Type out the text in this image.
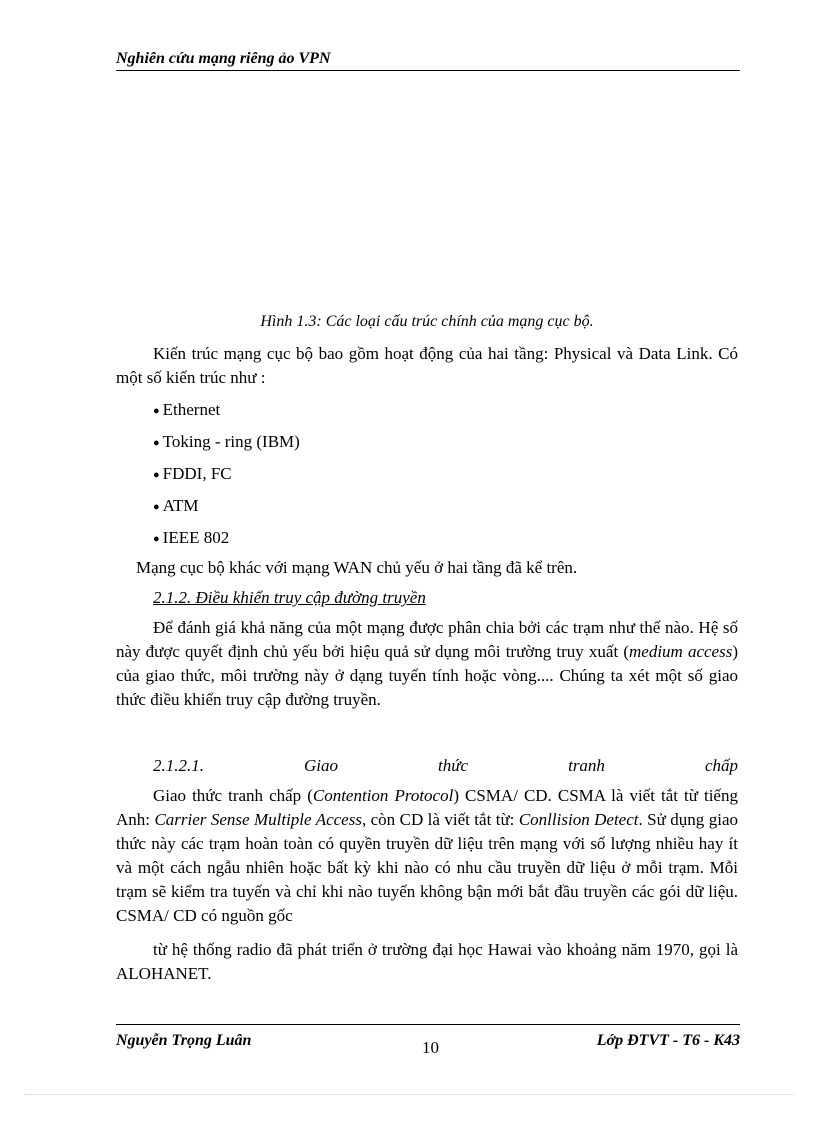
Nghiên cứu mạng riêng ảo VPN

Hình 1.3: Các loại cấu trúc chính của mạng cục bộ.

Kiến trúc mạng cục bộ bao gồm hoạt động của hai tầng: Physical và Data Link. Có một số kiến trúc như :

● Ethernet
● Toking - ring (IBM)
● FDDI, FC
● ATM
● IEEE 802

Mạng cục bộ khác với mạng WAN chủ yếu ở hai tầng đã kể trên.

2.1.2. Điều khiển truy cập đường truyền

Để đánh giá khả năng của một mạng được phân chia bởi các trạm như thế nào. Hệ số này được quyết định chủ yếu bởi hiệu quả sử dụng môi trường truy xuất (medium access) của giao thức, môi trường này ở dạng tuyến tính hoặc vòng.... Chúng ta xét một số giao thức điều khiển truy cập đường truyền.

2.1.2.1.	Giao	thức	tranh	chấp

Giao thức tranh chấp (Contention Protocol) CSMA/ CD. CSMA là viết tắt từ tiếng Anh: Carrier Sense Multiple Access, còn CD là viết tắt từ: Conllision Detect. Sử dụng giao thức này các trạm hoàn toàn có quyền truyền dữ liệu trên mạng với số lượng nhiều hay ít và một cách ngẫu nhiên hoặc bất kỳ khi nào có nhu cầu truyền dữ liệu ở mỗi trạm. Mỗi trạm sẽ kiểm tra tuyến và chỉ khi nào tuyến không bận mới bắt đầu truyền các gói dữ liệu. CSMA/ CD có nguồn gốc

từ hệ thống radio đã phát triển ở trường đại học Hawai vào khoảng năm 1970, gọi là ALOHANET.

Nguyễn Trọng Luân	10	Lớp ĐTVT - T6 - K43
